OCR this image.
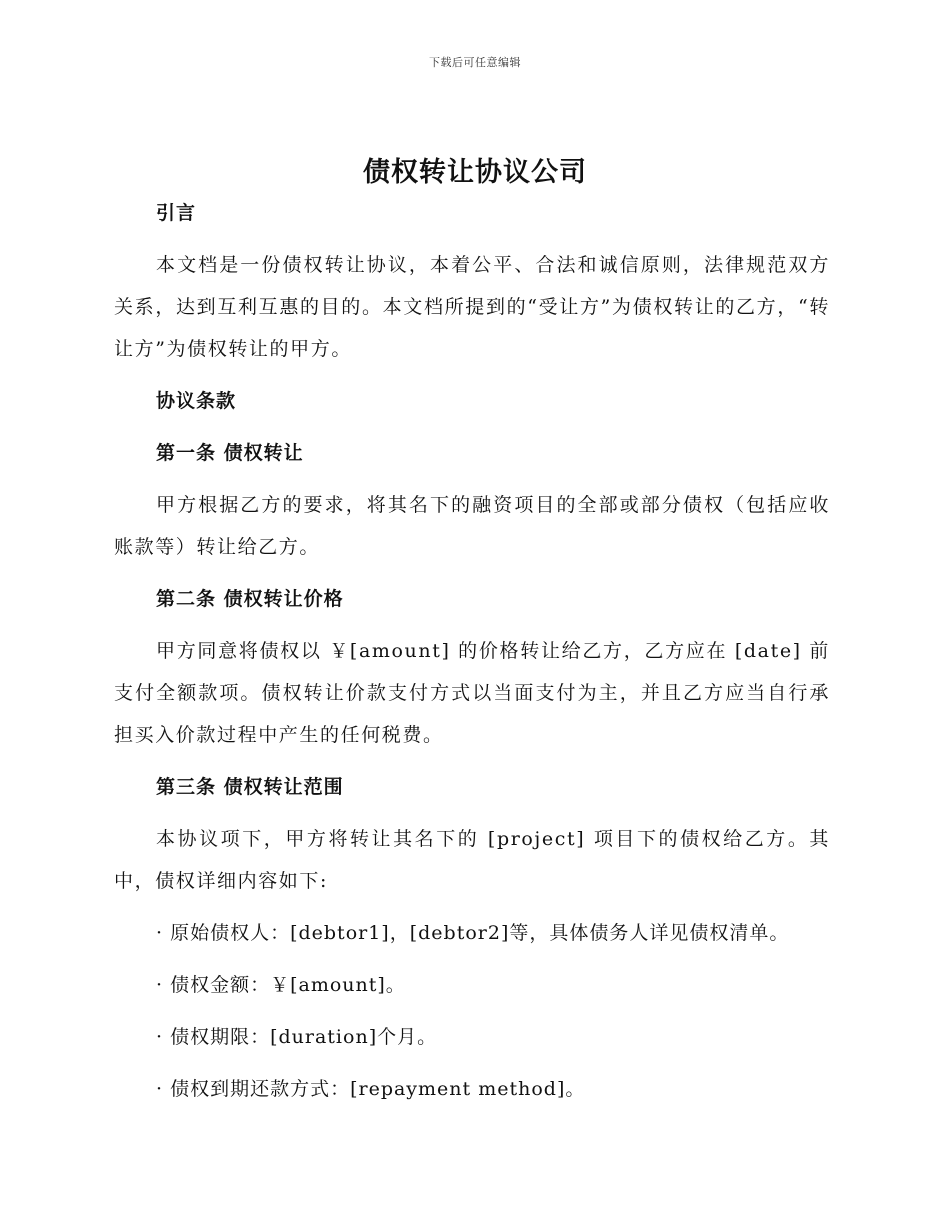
下载后可任意编辑
债权转让协议公司

引言

本文档是一份债权转让协议，本着公平、合法和诚信原则，法律规范双方关系，达到互利互惠的目的。本文档所提到的“受让方”为债权转让的乙方，“转让方”为债权转让的甲方。

协议条款

第一条 债权转让

甲方根据乙方的要求，将其名下的融资项目的全部或部分债权（包括应收账款等）转让给乙方。

第二条 债权转让价格

甲方同意将债权以 ￥[amount] 的价格转让给乙方，乙方应在 [date] 前支付全额款项。债权转让价款支付方式以当面支付为主，并且乙方应当自行承担买入价款过程中产生的任何税费。

第三条 债权转让范围

本协议项下，甲方将转让其名下的 [project] 项目下的债权给乙方。其中，债权详细内容如下:

· 原始债权人：[debtor1]，[debtor2]等，具体债务人详见债权清单。

· 债权金额：￥[amount]。

· 债权期限：[duration]个月。

· 债权到期还款方式：[repayment method]。
